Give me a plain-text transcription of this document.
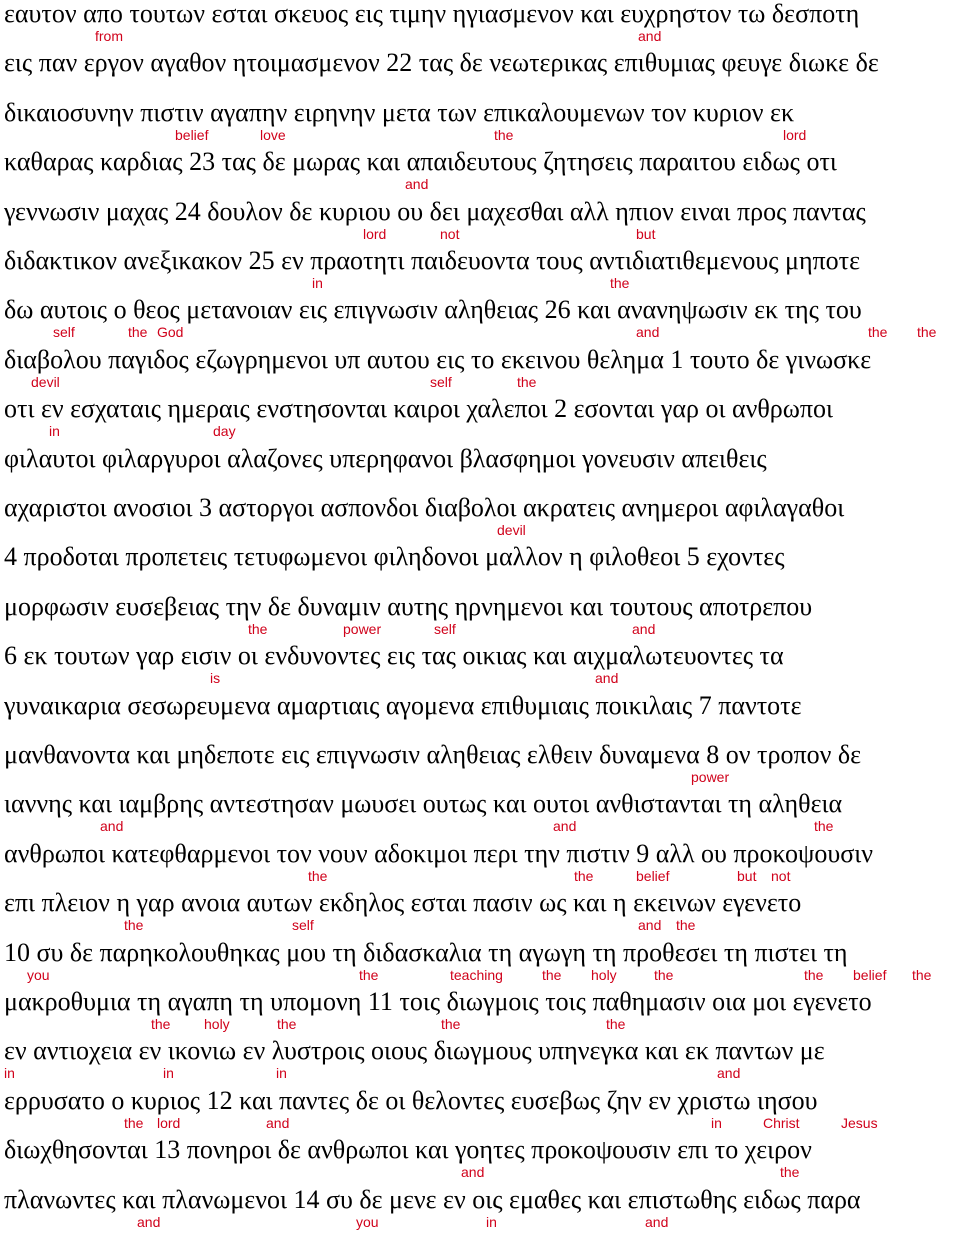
εαυτον απο τουτων εσται σκευος εις τιμην ηγιασμενον και ευχρηστον τω δεσποτη
from	and
εις παν εργον αγαθον ητοιμασμενον 22 τας δε νεωτερικας επιθυμιας φευγε διωκε δε
δικαιοσυνην πιστιν αγαπην ειρηνην μετα των επικαλουμενων τον κυριον εκ
belief	love	the	lord
καθαρας καρδιας 23 τας δε μωρας και απαιδευτους ζητησεις παραιτου ειδως οτι
and
γεννωσιν μαχας 24 δουλον δε κυριου ου δει μαχεσθαι αλλ ηπιον ειναι προς παντας
lord	not	but
διδακτικον ανεξικακον 25 εν πραοτητι παιδευοντα τους αντιδιατιθεμενους μηποτε
in	the
δω αυτοις ο θεος μετανοιαν εις επιγνωσιν αληθειας 26 και ανανηψωσιν εκ της του
self	the God	and	the the
διαβολου παγιδος εζωγρημενοι υπ αυτου εις το εκεινου θελημα 1 τουτο δε γινωσκε
devil	self	the
οτι εν εσχαταις ημεραις ενστησονται καιροι χαλεποι 2 εσονται γαρ οι ανθρωποι
in	day
φιλαυτοι φιλαργυροι αλαζονες υπερηφανοι βλασφημοι γονευσιν απειθεις
αχαριστοι ανοσιοι 3 αστοργοι ασπονδοι διαβολοι ακρατεις ανημεροι αφιλαγαθοι
devil
4 προδοται προπετεις τετυφωμενοι φιληδονοι μαλλον η φιλοθεοι 5 εχοντες
μορφωσιν ευσεβειας την δε δυναμιν αυτης ηρνημενοι και τουτους αποτρεπου
the	power	self	and
6 εκ τουτων γαρ εισιν οι ενδυνοντες εις τας οικιας και αιχμαλωτευοντες τα
is	and
γυναικαρια σεσωρευμενα αμαρτιαις αγομενα επιθυμιαις ποικιλαις 7 παντοτε
μανθανοντα και μηδεποτε εις επιγνωσιν αληθειας ελθειν δυναμενα 8 ον τροπον δε
power
ιαννης και ιαμβρης αντεστησαν μωυσει ουτως και ουτοι ανθιστανται τη αληθεια
and	and	the
ανθρωποι κατεφθαρμενοι τον νουν αδοκιμοι περι την πιστιν 9 αλλ ου προκοψουσιν
the	the	belief	but not
επι πλειον η γαρ ανοια αυτων εκδηλος εσται πασιν ως και η εκεινων εγενετο
the	self	and the
10 συ δε παρηκολουθηκας μου τη διδασκαλια τη αγωγη τη προθεσει τη πιστει τη
you	the	teaching	the holy	the	the belief the
μακροθυμια τη αγαπη τη υπομονη 11 τοις διωγμοις τοις παθημασιν οια μοι εγενετο
the holy	the	the	the
εν αντιοχεια εν ικονιω εν λυστροις οιους διωγμους υπηνεγκα και εκ παντων με
in	in	in	and
ερρυσατο ο κυριος 12 και παντες δε οι θελοντες ευσεβως ζην εν χριστω ιησου
the lord	and	in	Christ	Jesus
διωχθησονται 13 πονηροι δε ανθρωποι και γοητες προκοψουσιν επι το χειρον
and	the
πλανωντες και πλανωμενοι 14 συ δε μενε εν οις εμαθες και επιστωθης ειδως παρα
and	you	in	and
